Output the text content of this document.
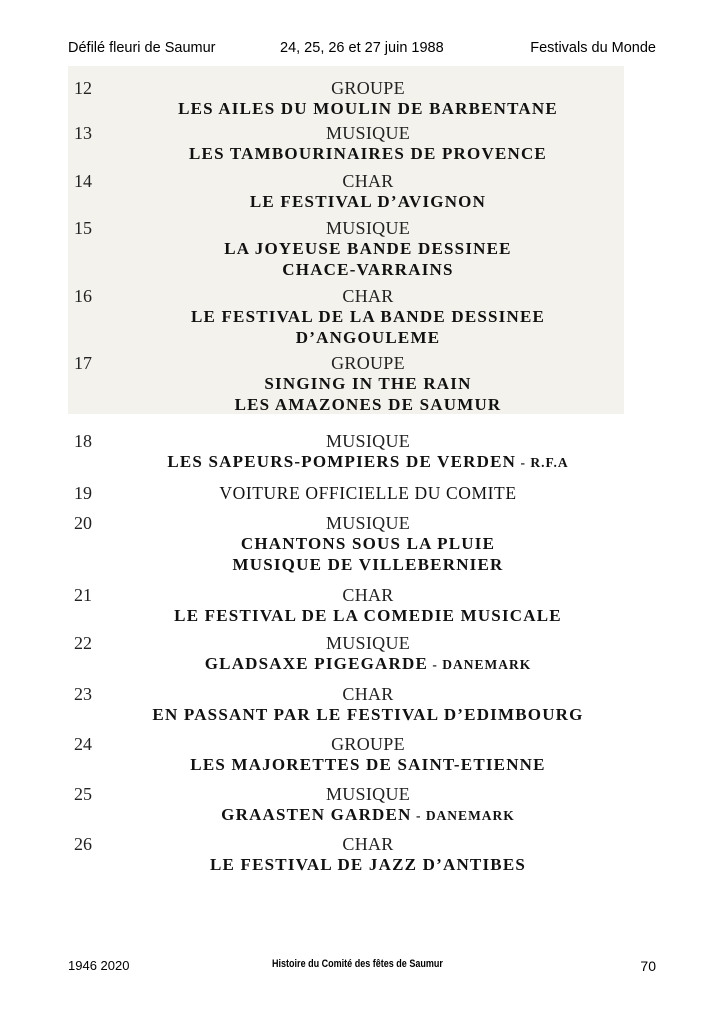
Défilé fleuri de Saumur	24, 25, 26 et 27 juin 1988	Festivals du Monde
12	GROUPE
LES AILES DU MOULIN DE BARBENTANE
13	MUSIQUE
LES TAMBOURINAIRES DE PROVENCE
14	CHAR
LE FESTIVAL D’AVIGNON
15	MUSIQUE
LA JOYEUSE BANDE DESSINEE
CHACE-VARRAINS
16	CHAR
LE FESTIVAL DE LA BANDE DESSINEE
D’ANGOULEME
17	GROUPE
SINGING IN THE RAIN
LES AMAZONES DE SAUMUR
18	MUSIQUE
LES SAPEURS-POMPIERS DE VERDEN - R.F.A
19	VOITURE OFFICIELLE DU COMITE
20	MUSIQUE
CHANTONS SOUS LA PLUIE
MUSIQUE DE VILLEBERNIER
21	CHAR
LE FESTIVAL DE LA COMEDIE MUSICALE
22	MUSIQUE
GLADSAXE PIGEGARDE - DANEMARK
23	CHAR
EN PASSANT PAR LE FESTIVAL D’EDIMBOURG
24	GROUPE
LES MAJORETTES DE SAINT-ETIENNE
25	MUSIQUE
GRAASTEN GARDEN - DANEMARK
26	CHAR
LE FESTIVAL DE JAZZ D’ANTIBES
1946 2020	Histoire du Comité des fêtes de Saumur	70
